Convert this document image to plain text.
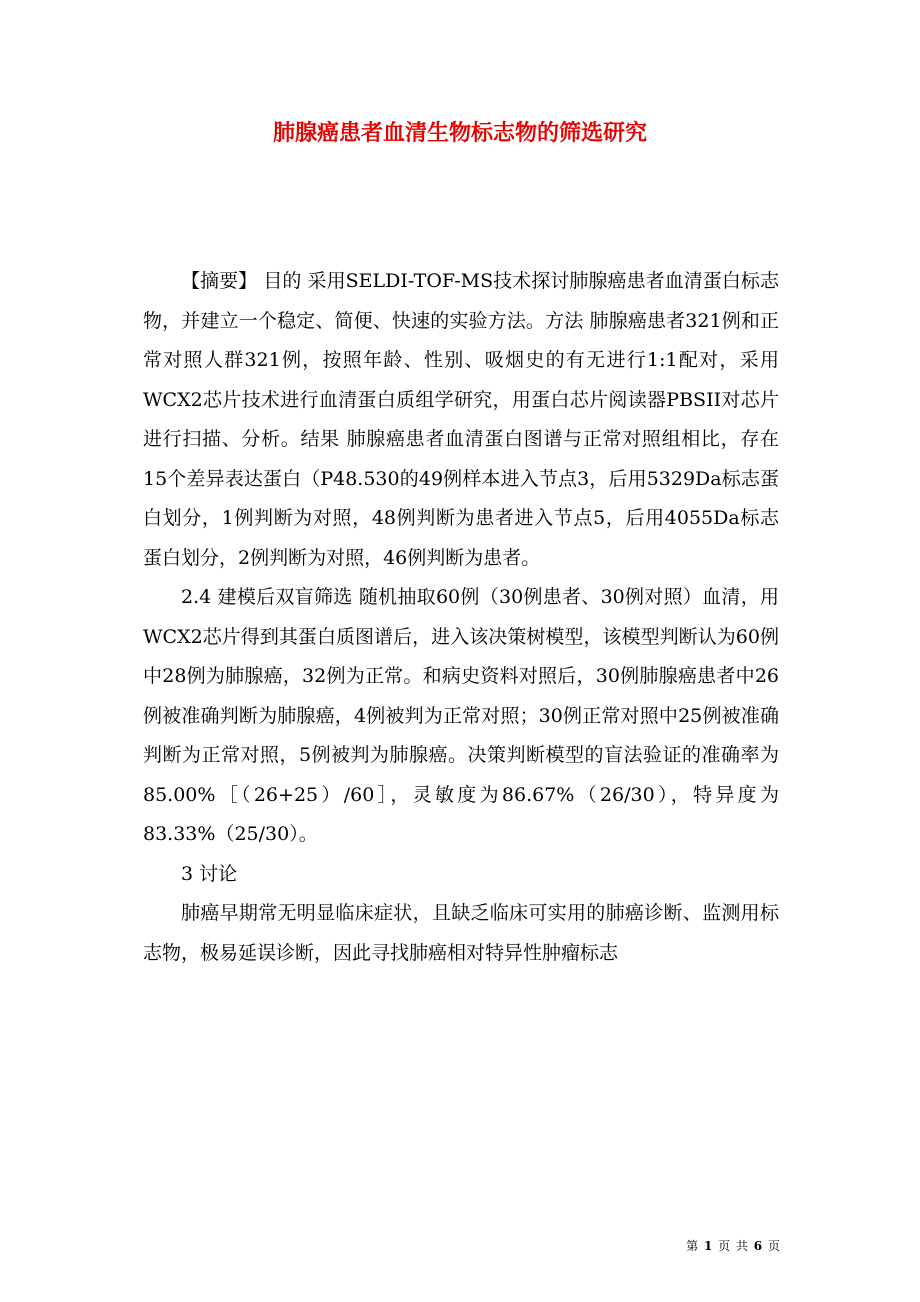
肺腺癌患者血清生物标志物的筛选研究

【摘要】 目的 采用SELDI-TOF-MS技术探讨肺腺癌患者血清蛋白标志物，并建立一个稳定、简便、快速的实验方法。方法 肺腺癌患者321例和正常对照人群321例，按照年龄、性别、吸烟史的有无进行1:1配对，采用WCX2芯片技术进行血清蛋白质组学研究，用蛋白芯片阅读器PBSII对芯片进行扫描、分析。结果 肺腺癌患者血清蛋白图谱与正常对照组相比，存在15个差异表达蛋白（P48.530的49例样本进入节点3，后用5329Da标志蛋白划分，1例判断为对照，48例判断为患者进入节点5，后用4055Da标志蛋白划分，2例判断为对照，46例判断为患者。

2.4 建模后双盲筛选 随机抽取60例（30例患者、30例对照）血清，用WCX2芯片得到其蛋白质图谱后，进入该决策树模型，该模型判断认为60例中28例为肺腺癌，32例为正常。和病史资料对照后，30例肺腺癌患者中26例被准确判断为肺腺癌，4例被判为正常对照；30例正常对照中25例被准确判断为正常对照，5例被判为肺腺癌。决策判断模型的盲法验证的准确率为85.00%［（26+25）/60］，灵敏度为86.67%（26/30），特异度为83.33%（25/30）。

3 讨论

肺癌早期常无明显临床症状，且缺乏临床可实用的肺癌诊断、监测用标志物，极易延误诊断，因此寻找肺癌相对特异性肿瘤标志

第 1 页 共 6 页
